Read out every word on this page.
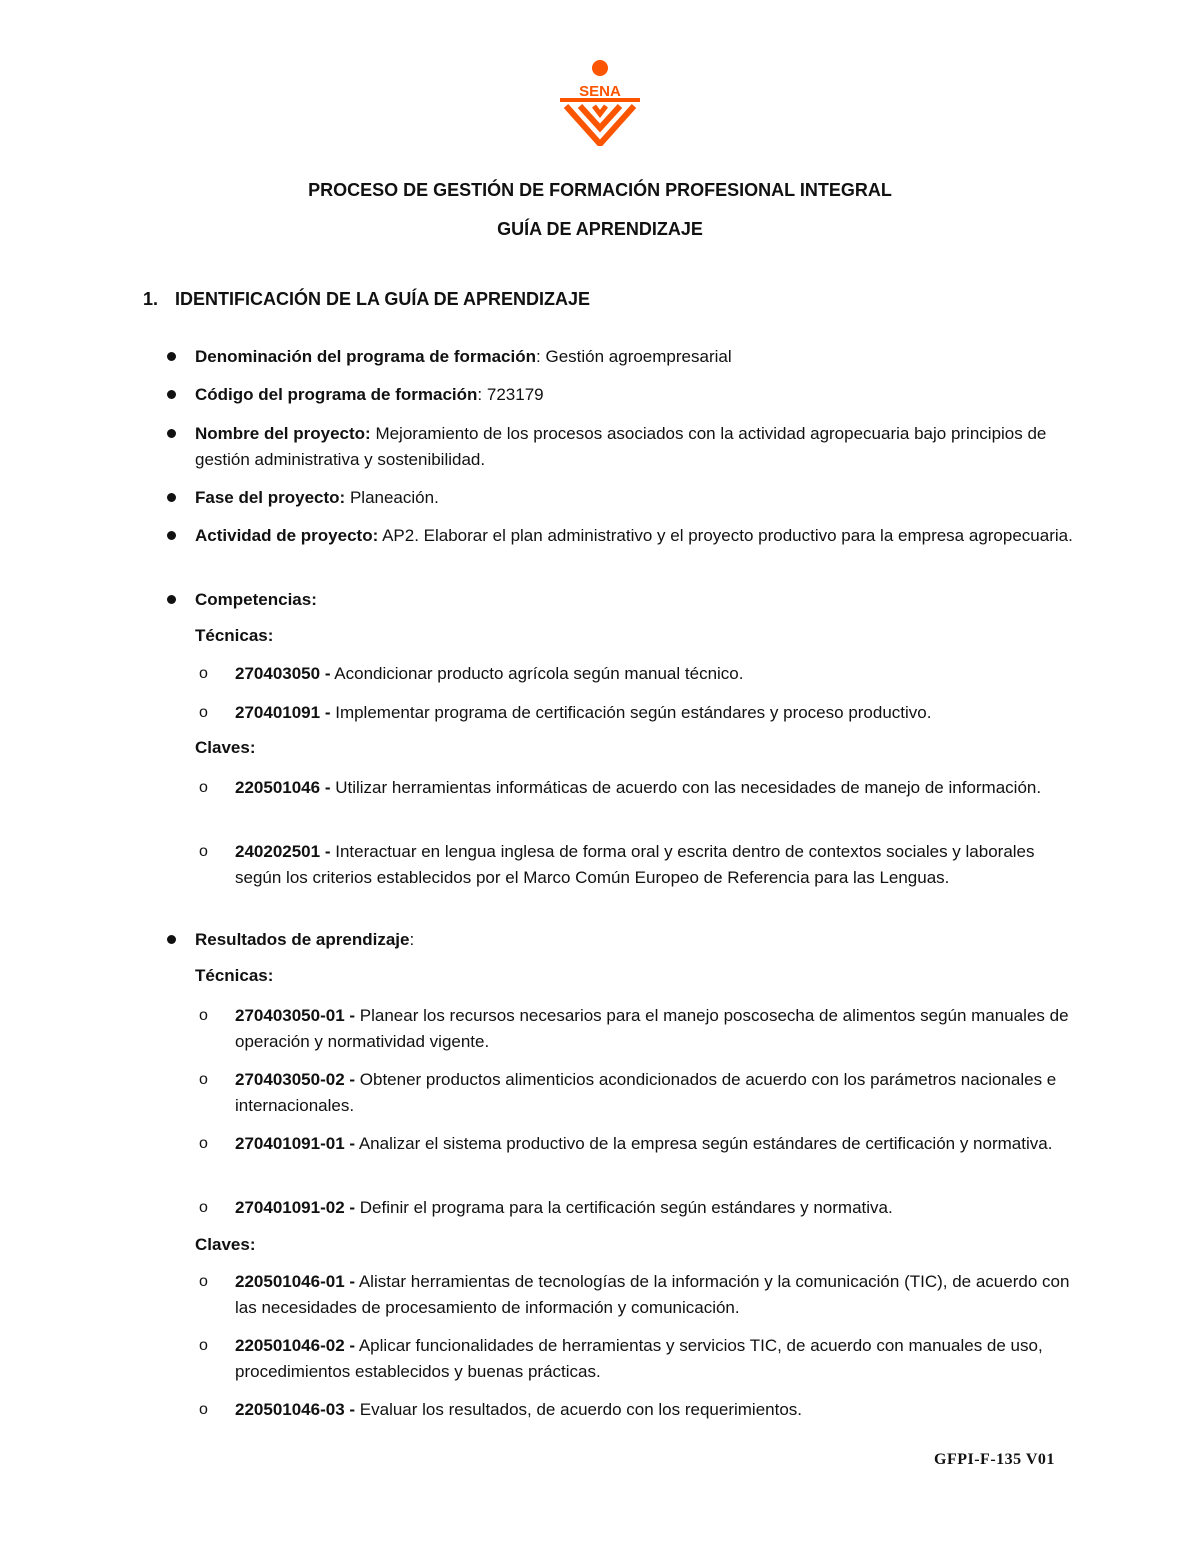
SENA
PROCESO DE GESTIÓN DE FORMACIÓN PROFESIONAL INTEGRAL
GUÍA DE APRENDIZAJE
1. IDENTIFICACIÓN DE LA GUÍA DE APRENDIZAJE
Denominación del programa de formación: Gestión agroempresarial
Código del programa de formación: 723179
Nombre del proyecto: Mejoramiento de los procesos asociados con la actividad agropecuaria bajo principios de gestión administrativa y sostenibilidad.
Fase del proyecto: Planeación.
Actividad de proyecto: AP2. Elaborar el plan administrativo y el proyecto productivo para la empresa agropecuaria.
Competencias:
Técnicas:
o 270403050 - Acondicionar producto agrícola según manual técnico.
o 270401091 - Implementar programa de certificación según estándares y proceso productivo.
Claves:
o 220501046 - Utilizar herramientas informáticas de acuerdo con las necesidades de manejo de información.
o 240202501 - Interactuar en lengua inglesa de forma oral y escrita dentro de contextos sociales y laborales según los criterios establecidos por el Marco Común Europeo de Referencia para las Lenguas.
Resultados de aprendizaje:
Técnicas:
o 270403050-01 - Planear los recursos necesarios para el manejo poscosecha de alimentos según manuales de operación y normatividad vigente.
o 270403050-02 - Obtener productos alimenticios acondicionados de acuerdo con los parámetros nacionales e internacionales.
o 270401091-01 - Analizar el sistema productivo de la empresa según estándares de certificación y normativa.
o 270401091-02 - Definir el programa para la certificación según estándares y normativa.
Claves:
o 220501046-01 - Alistar herramientas de tecnologías de la información y la comunicación (TIC), de acuerdo con las necesidades de procesamiento de información y comunicación.
o 220501046-02 - Aplicar funcionalidades de herramientas y servicios TIC, de acuerdo con manuales de uso, procedimientos establecidos y buenas prácticas.
o 220501046-03 - Evaluar los resultados, de acuerdo con los requerimientos.
GFPI-F-135 V01
